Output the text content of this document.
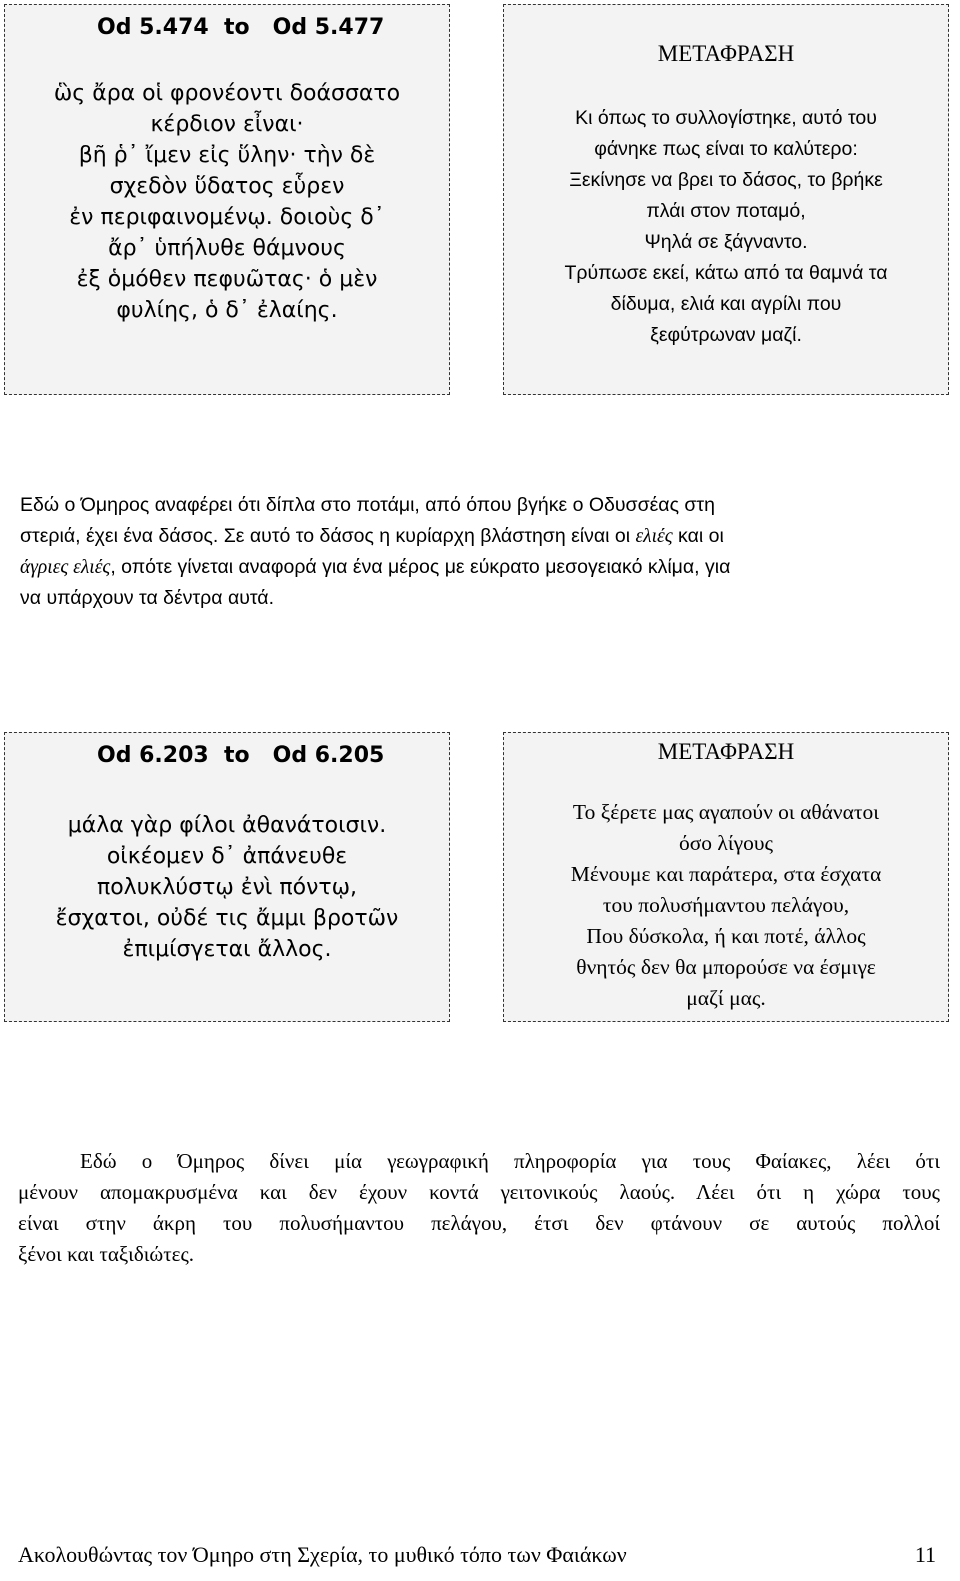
Od 5.474  to   Od 5.477
ὣς ἄρα οἱ φρονέοντι δοάσσατο
κέρδιον εἶναι·
βῆ ῥ᾽ ἴμεν εἰς ὕλην· τὴν δὲ
σχεδὸν ὕδατος εὗρεν
ἐν περιφαινομένῳ. δοιοὺς δ᾽
ἄρ᾽ ὑπήλυθε θάμνους
ἐξ ὁμόθεν πεφυῶτας· ὁ μὲν
φυλίης, ὁ δ᾽ ἐλαίης.
ΜΕΤΑΦΡΑΣΗ
Κι όπως το συλλογίστηκε, αυτό του
φάνηκε πως είναι το καλύτερο:
Ξεκίνησε να βρει το δάσος, το βρήκε
πλάι στον ποταμό,
Ψηλά σε ξάγναντο.
Τρύπωσε εκεί, κάτω από τα θαμνά τα
δίδυμα, ελιά και αγρίλι που
ξεφύτρωναν μαζί.
Εδώ ο Όμηρος αναφέρει ότι δίπλα στο ποτάμι, από όπου βγήκε ο Οδυσσέας στη
στεριά, έχει ένα δάσος. Σε αυτό το δάσος η κυρίαρχη βλάστηση είναι οι ελιές και οι
άγριες ελιές, οπότε γίνεται αναφορά για ένα μέρος με εύκρατο μεσογειακό κλίμα, για
να υπάρχουν τα δέντρα αυτά.
Od 6.203  to   Od 6.205
μάλα γὰρ φίλοι ἀθανάτοισιν.
οἰκέομεν δ᾽ ἀπάνευθε
πολυκλύστῳ ἐνὶ πόντῳ,
ἔσχατοι, οὐδέ τις ἄμμι βροτῶν
ἐπιμίσγεται ἄλλος.
ΜΕΤΑΦΡΑΣΗ
Το ξέρετε μας αγαπούν οι αθάνατοι
όσο λίγους
Μένουμε και παράτερα, στα έσχατα
του πολυσήμαντου πελάγου,
Που δύσκολα, ή και ποτέ, άλλος
θνητός δεν θα μπορούσε να έσμιγε
μαζί μας.
Εδώ ο Όμηρος δίνει μία γεωγραφική πληροφορία για τους Φαίακες, λέει ότι
μένουν απομακρυσμένα και δεν έχουν κοντά γειτονικούς λαούς. Λέει ότι η χώρα τους
είναι στην άκρη του πολυσήμαντου πελάγου, έτσι δεν φτάνουν σε αυτούς πολλοί
ξένοι και ταξιδιώτες.
Ακολουθώντας τον Όμηρο στη Σχερία, το μυθικό τόπο των Φαιάκων	11
